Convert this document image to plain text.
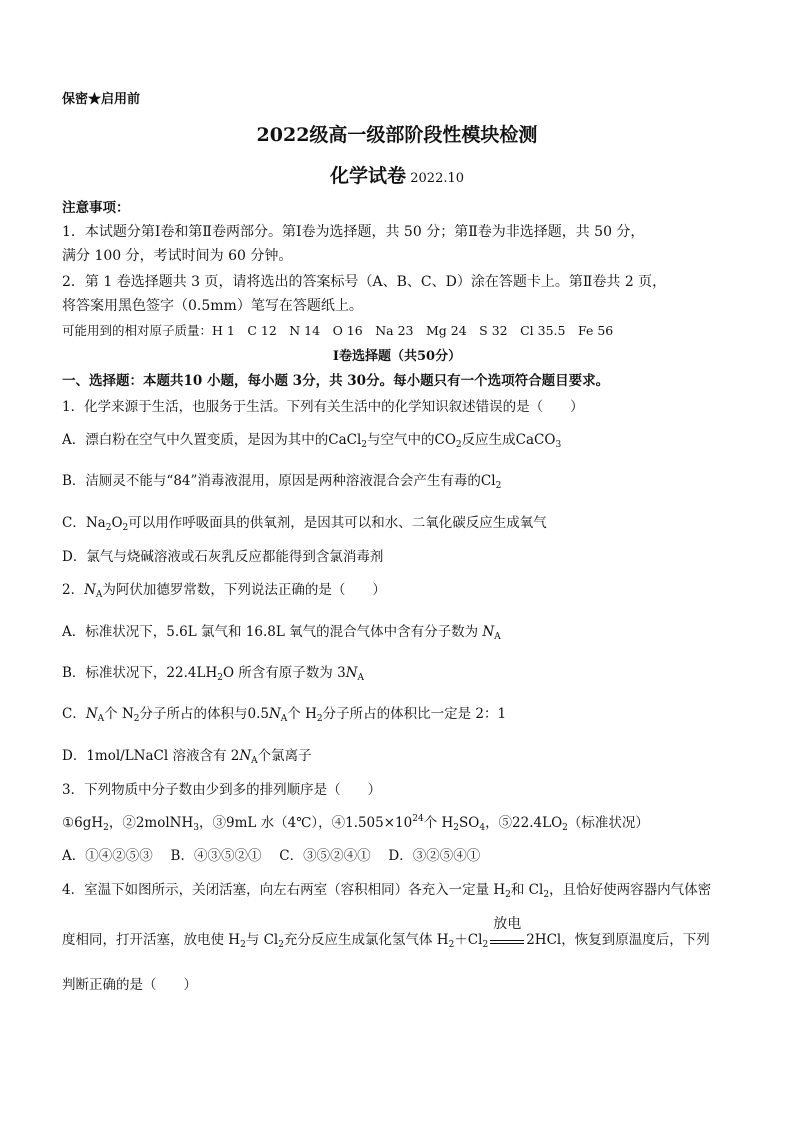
保密★启用前
2022级高一级部阶段性模块检测
化学试卷 2022.10
注意事项：
1．本试题分第Ⅰ卷和第Ⅱ卷两部分。第Ⅰ卷为选择题，共 50 分；第Ⅱ卷为非选择题，共 50 分，
满分 100 分，考试时间为 60 分钟。
2．第 1 卷选择题共 3 页，请将选出的答案标号（A、B、C、D）涂在答题卡上。第Ⅱ卷共 2 页，
将答案用黑色签字（0.5mm）笔写在答题纸上。
可能用到的相对原子质量：H 1　C 12　N 14　O 16　Na 23　Mg 24　S 32　Cl 35.5　Fe 56
Ⅰ卷选择题（共50分）
一、选择题：本题共10 小题，每小题 3分，共 30分。每小题只有一个选项符合题目要求。
1．化学来源于生活，也服务于生活。下列有关生活中的化学知识叙述错误的是（　　）
A．漂白粉在空气中久置变质，是因为其中的CaCl$_2$与空气中的$CO_2$反应生成CaCO$_3$
B．洁厕灵不能与“84”消毒液混用，原因是两种溶液混合会产生有毒的$Cl_2$
C．$Na_2O_2$可以用作呼吸面具的供氧剂，是因其可以和水、二氧化碳反应生成氧气
D．氯气与烧碱溶液或石灰乳反应都能得到含氯消毒剂
2．$N_A$为阿伏加德罗常数，下列说法正确的是（　　）
A．标准状况下，5.6L 氯气和 16.8L 氧气的混合气体中含有分子数为 $N_A$
B．标准状况下，$22.4LH_2O$ 所含有原子数为 $3N_A$
C．$N_A$个 $N_2$分子所占的体积与$0.5N_A$个 $H_2$分子所占的体积比一定是 2：1
D．1mol/LNaCl 溶液含有 $2N_A$个氯离子
3．下列物质中分子数由少到多的排列顺序是（　　）
$①6gH_2$，②2molNH$_3$，③9mL 水（4℃），$④1.505\times 10^{24}$个 $H_2SO_4$，$⑤22.4LO_2$（标准状况）
A．①④②⑤③　 B．④③⑤②①　 C．③⑤②④①　 D．③②⑤④①
4．室温下如图所示，关闭活塞，向左右两室（容积相同）各充入一定量 $H_2$和 $Cl_2$，且恰好使两容器内气体密
度相同，打开活塞，放电使 $H_2$与 $Cl_2$充分反应生成氯化氢气体 $H_2+Cl_2$
放电
2HCl，恢复到原温度后，下列
判断正确的是（　　）
